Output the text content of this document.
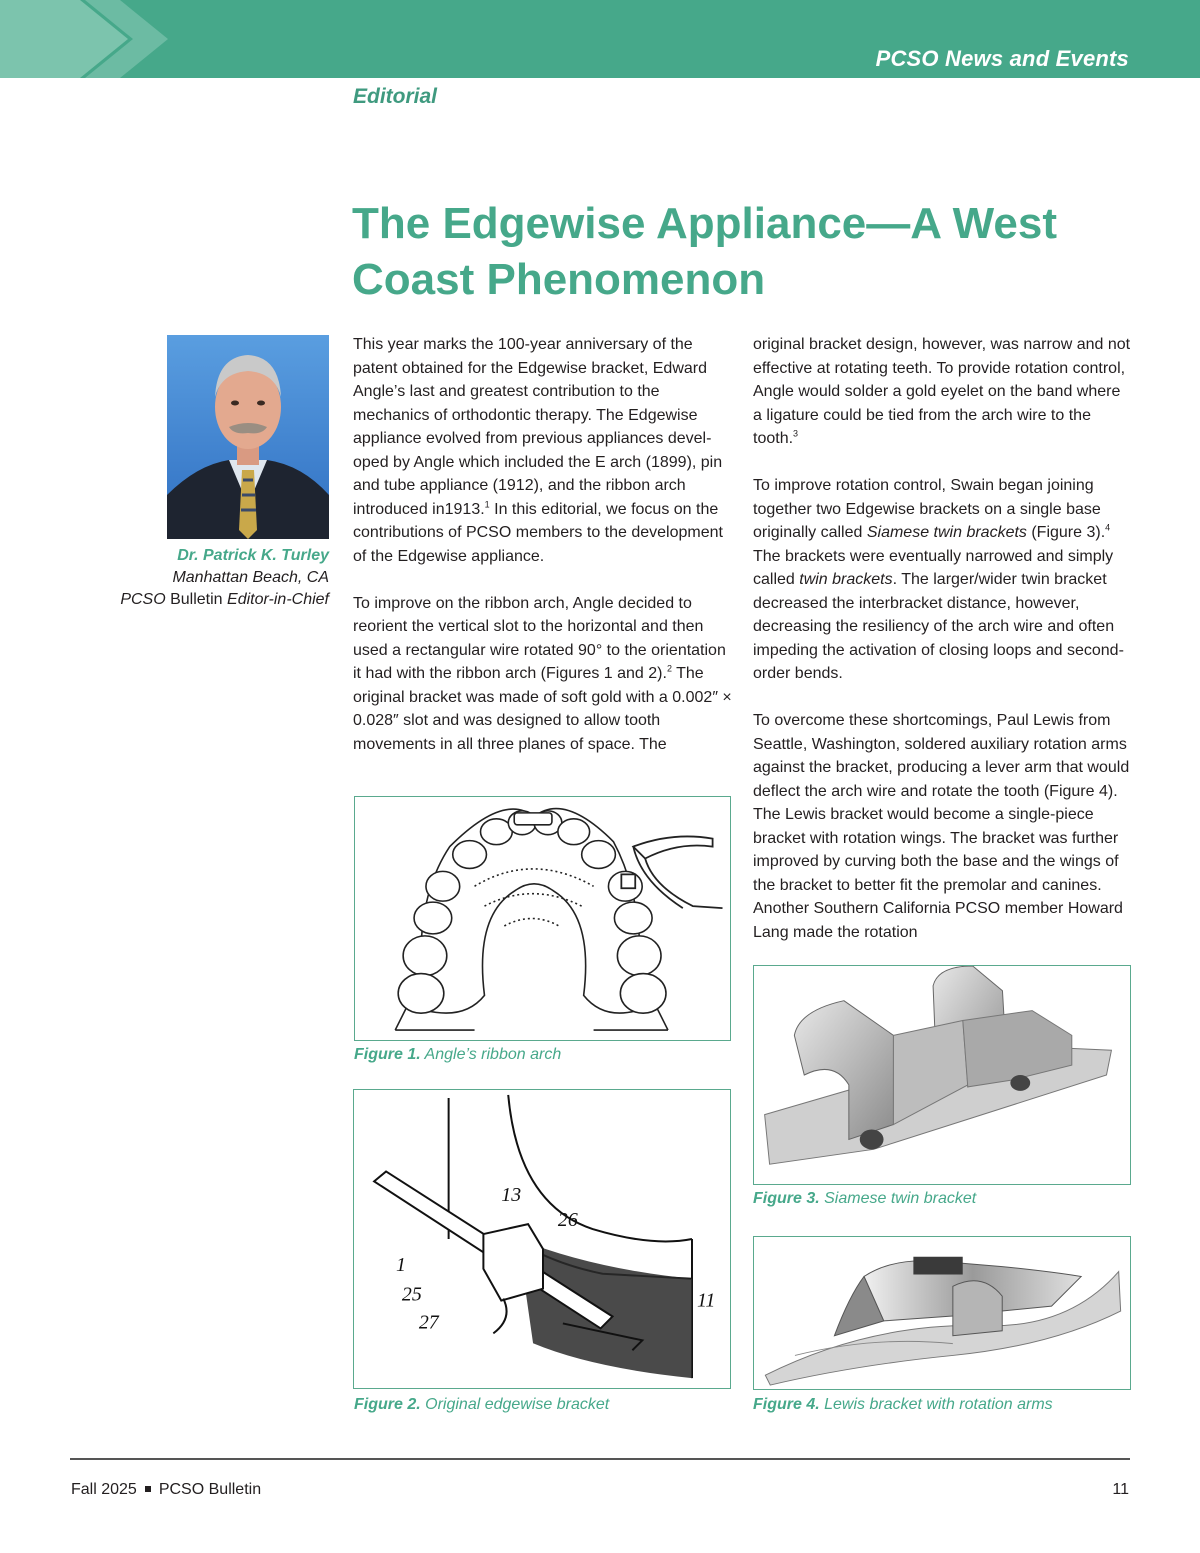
PCSO News and Events
Editorial
The Edgewise Appliance—A West Coast Phenomenon
Dr. Patrick K. Turley
Manhattan Beach, CA
PCSO Bulletin Editor-in-Chief

This year marks the 100-year anniversary of the patent obtained for the Edgewise bracket, Edward Angle’s last and greatest contribution to the mechanics of orthodontic therapy. The Edgewise appliance evolved from previous appliances developed by Angle which included the E arch (1899), pin and tube appliance (1912), and the ribbon arch introduced in1913.$^1$ In this editorial, we focus on the contributions of PCSO members to the development of the Edgewise appliance.

To improve on the ribbon arch, Angle decided to reorient the vertical slot to the horizontal and then used a rectangular wire rotated 90° to the orientation it had with the ribbon arch (Figures 1 and 2).$^2$ The original bracket was made of soft gold with a 0.002″ × 0.028″ slot and was designed to allow tooth movements in all three planes of space. The

original bracket design, however, was narrow and not effective at rotating teeth. To provide rotation control, Angle would solder a gold eyelet on the band where a ligature could be tied from the arch wire to the tooth.$^3$

To improve rotation control, Swain began joining together two Edgewise brackets on a single base originally called Siamese twin brackets (Figure 3).$^4$ The brackets were eventually narrowed and simply called twin brackets. The larger/wider twin bracket decreased the interbracket distance, however, decreasing the resiliency of the arch wire and often impeding the activation of closing loops and second-order bends.

To overcome these shortcomings, Paul Lewis from Seattle, Washington, soldered auxiliary rotation arms against the bracket, producing a lever arm that would deflect the arch wire and rotate the tooth (Figure 4). The Lewis bracket would become a single-piece bracket with rotation wings. The bracket was further improved by curving both the base and the wings of the bracket to better fit the premolar and canines. Another Southern California PCSO member Howard Lang made the rotation

Figure 1. Angle’s ribbon arch
13
26
1
25
27
11
Figure 2. Original edgewise bracket
Figure 3. Siamese twin bracket
Figure 4. Lewis bracket with rotation arms
Fall 2025 PCSO Bulletin	11
